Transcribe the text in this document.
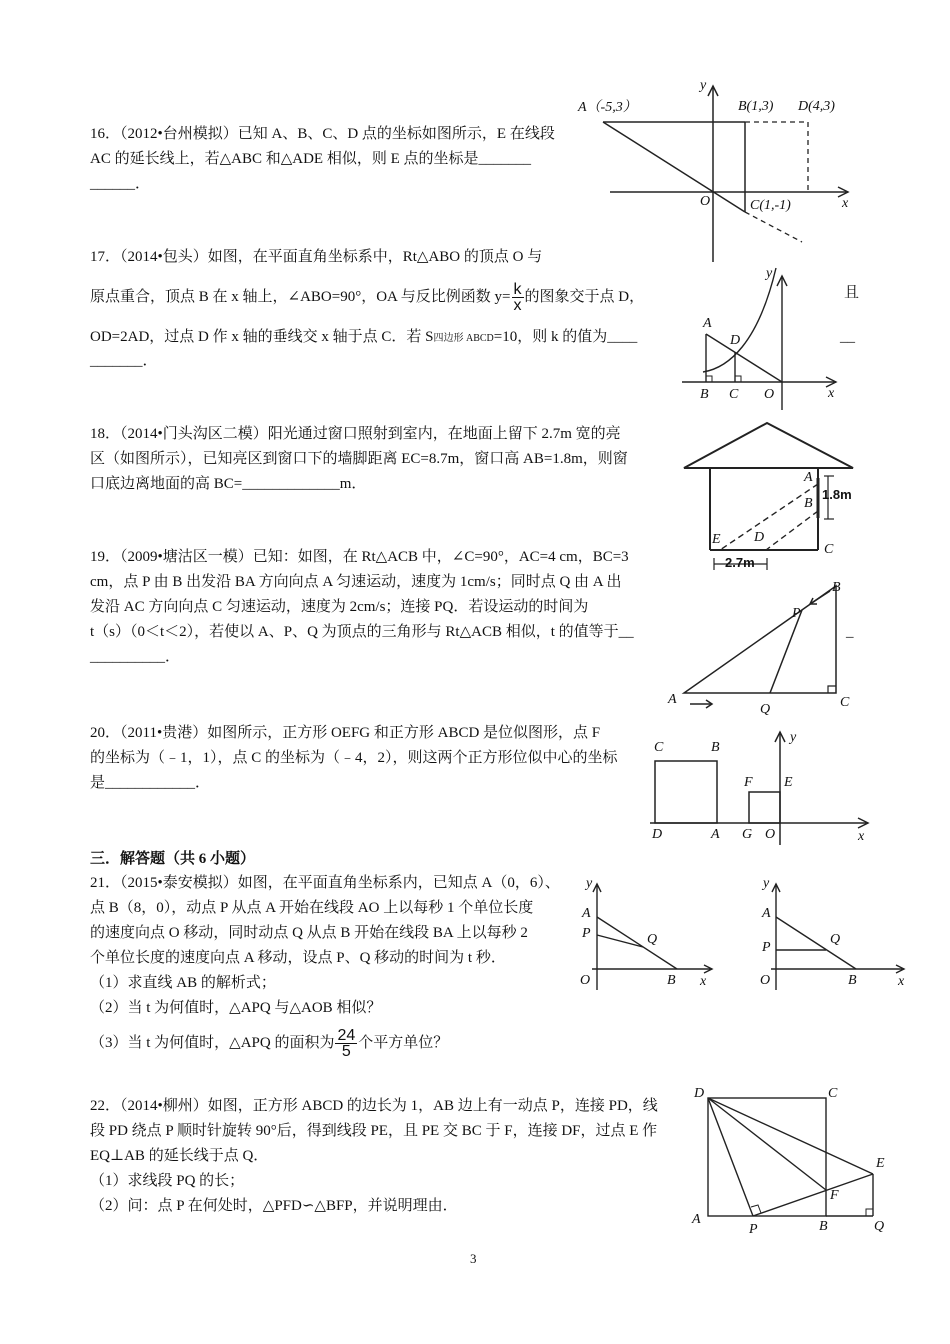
16．（2012•台州模拟）已知 A、B、C、D 点的坐标如图所示，E 在线段
AC 的延长线上，若△ABC 和△ADE 相似，则 E 点的坐标是_______
______．
A（-5,3）	B(1,3) D(4,3)
C(1,-1)
O	x
y
17．（2014•包头）如图，在平面直角坐标系中，Rt△ABO 的顶点 O 与
原点重合，顶点 B 在 x 轴上，∠ABO=90°，OA 与反比例函数 $y= \frac{k}{x}$ 的图象交于点 D，	且
OD=2AD，过点 D 作 x 轴的垂线交 x 轴于点 C．若 S四边形 ABCD=10，则 k 的值为____	__
_______．
A
D
B C O	x
y
18．（2014•门头沟区二模）阳光通过窗口照射到室内，在地面上留下 2.7m 宽的亮
区（如图所示），已知亮区到窗口下的墙脚距离 EC=8.7m，窗口高 AB=1.8m，则窗
口底边离地面的高 BC=_____________m．	A
B
C
D
E
1.8m
2.7m
19．（2009•塘沽区一模）已知：如图，在 Rt△ACB 中，∠C=90°，AC=4 cm，BC=3
cm，点 P 由 B 出发沿 BA 方向向点 A 匀速运动，速度为 1cm/s；同时点 Q 由 A 出
发沿 AC 方向向点 C 匀速运动，速度为 2cm/s；连接 PQ．若设运动的时间为
t（s）（0＜t＜2），若使以 A、P、Q 为顶点的三角形与 Rt△ACB 相似，t 的值等于__	_
__________．
A
B
C
P
Q
20．（2011•贵港）如图所示，正方形 OEFG 和正方形 ABCD 是位似图形，点 F
的坐标为（﹣1，1），点 C 的坐标为（﹣4，2），则这两个正方形位似中心的坐标
是____________．
C	B
F E
D	A G O	x
y
三．解答题（共 6 小题）
21．（2015•泰安模拟）如图，在平面直角坐标系内，已知点 A（0，6）、
点 B（8，0），动点 P 从点 A 开始在线段 AO 上以每秒 1 个单位长度
的速度向点 O 移动，同时动点 Q 从点 B 开始在线段 BA 上以每秒 2
个单位长度的速度向点 A 移动，设点 P、Q 移动的时间为 t 秒．
（1）求直线 AB 的解析式；
（2）当 t 为何值时，△APQ 与△AOB 相似？
（3）当 t 为何值时，△APQ 的面积为 $\frac{24}{5}$ 个平方单位？
A
P	Q
O	B x
y
A
P
Q
O	B	x
y
22．（2014•柳州）如图，正方形 ABCD 的边长为 1，AB 边上有一动点 P，连接 PD，线
段 PD 绕点 P 顺时针旋转 90°后，得到线段 PE，且 PE 交 BC 于 F，连接 DF，过点 E 作
EQ⊥AB 的延长线于点 Q．
（1）求线段 PQ 的长；
（2）问：点 P 在何处时，△PFD∽△BFP，并说明理由．
D	C
E
F
A
P	B	Q
3
